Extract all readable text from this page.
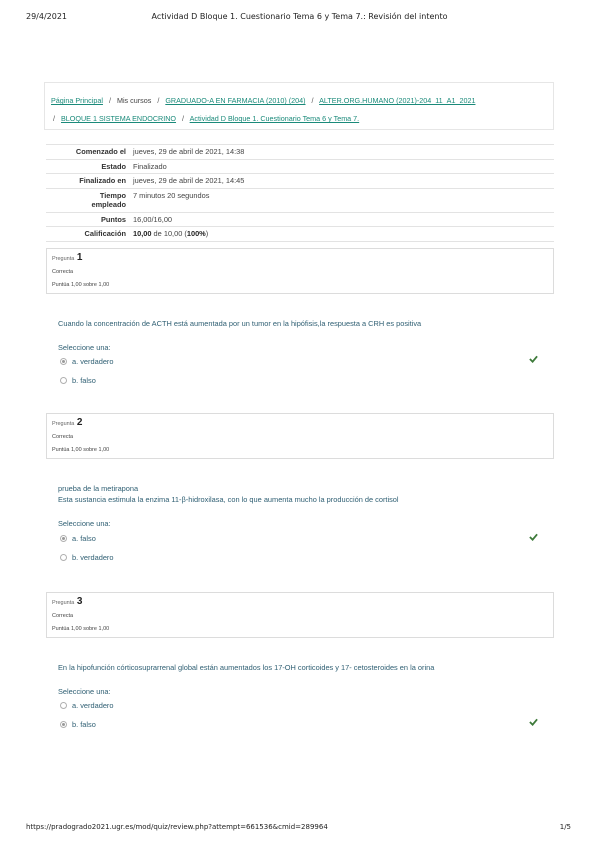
29/4/2021	Actividad D Bloque 1. Cuestionario Tema 6 y Tema 7.: Revisión del intento
Página Principal / Mis cursos / GRADUADO-A EN FARMACIA (2010) (204) / ALTER.ORG.HUMANO (2021)-204_11_A1_2021
/ BLOQUE 1 SISTEMA ENDOCRINO / Actividad D Bloque 1. Cuestionario Tema 6 y Tema 7.
Comenzado el jueves, 29 de abril de 2021, 14:38
Estado Finalizado
Finalizado en jueves, 29 de abril de 2021, 14:45
Tiempo
empleado
7 minutos 20 segundos
Puntos 16,00/16,00
Calificación 10,00 de 10,00 (100%)
Pregunta 1
Correcta
Puntúa 1,00 sobre 1,00
Cuando la concentración de ACTH está aumentada por un tumor en la hipófisis,la respuesta a CRH es positiva
Seleccione una:
a. verdadero
b. falso
Pregunta 2
Correcta
Puntúa 1,00 sobre 1,00
prueba de la metirapona
Esta sustancia estimula la enzima 11-β-hidroxilasa, con lo que aumenta mucho la producción de cortisol
Seleccione una:
a. falso
b. verdadero
Pregunta 3
Correcta
Puntúa 1,00 sobre 1,00
En la hipofunción córticosuprarrenal global están aumentados los 17-OH corticoides y 17- cetosteroides en la orina
Seleccione una:
a. verdadero
b. falso
https://pradogrado2021.ugr.es/mod/quiz/review.php?attempt=661536&cmid=289964	1/5
